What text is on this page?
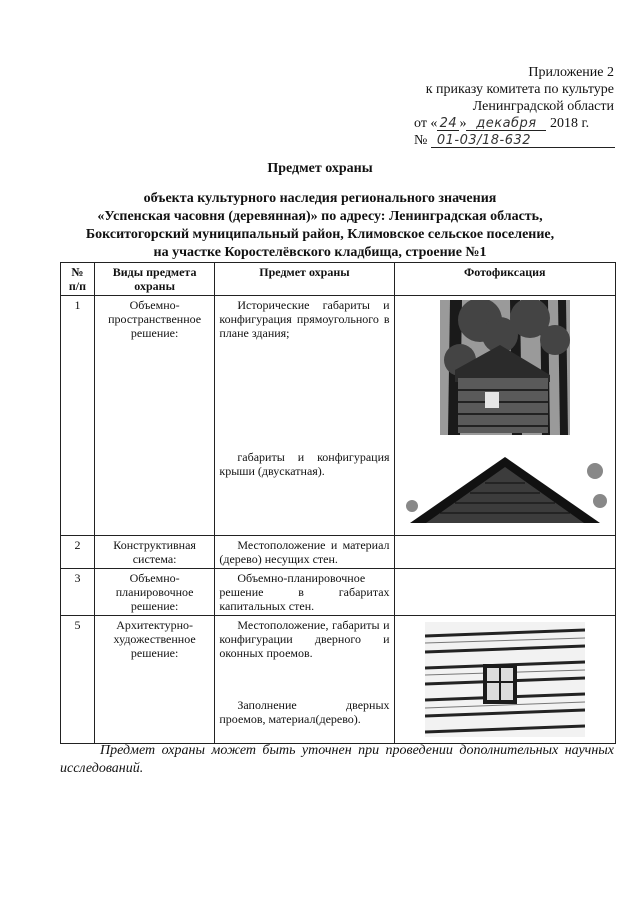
Приложение 2
к приказу комитета по культуре
Ленинградской области
от « 24 » декабря 2018 г.
№ 01-03/18-632
Предмет охраны
объекта культурного наследия регионального значения
«Успенская часовня (деревянная)» по адресу: Ленинградская область,
Бокситогорский муниципальный район, Климовское сельское поселение,
на участке Коростелёвского кладбища, строение №1
№ п/п	Виды предмета охраны	Предмет охраны	Фотофиксация
1	Объемно-пространственное решение:	Исторические габариты и конфигурация прямоугольного в плане здания;
габариты и конфигурация крыши (двускатная).

2	Конструктивная система:	Местоположение и материал (дерево) несущих стен.	

3	Объемно-планировочное решение:	Объемно-планировочное решение в габаритах капитальных стен.	

5	Архитектурно-художественное решение:	Местоположение, габариты и конфигурации дверного и оконных проемов.
Заполнение дверных проемов, материал(дерево).

Предмет охраны может быть уточнен при проведении дополнительных научных исследований.
